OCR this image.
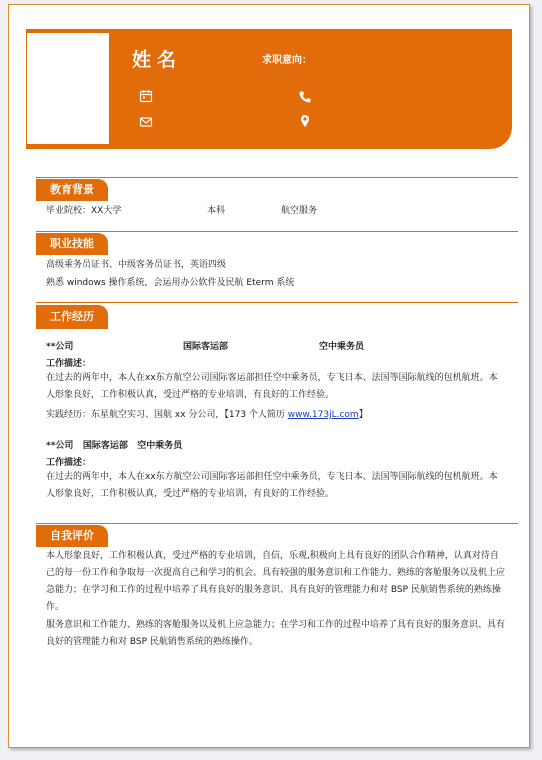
姓名	求职意向：
教育背景
毕业院校：XX大学	本科	航空服务
职业技能
高级乘务员证书、中级客务员证书，英语四级
熟悉 windows 操作系统，会运用办公软件及民航 Eterm 系统
工作经历
**公司	国际客运部	空中乘务员
工作描述：
在过去的两年中，本人在xx东方航空公司国际客运部担任空中乘务员，专飞日本、法国等国际航线的包机航班。本人形象良好，工作积极认真，受过严格的专业培训，有良好的工作经验。
实践经历：东星航空实习、国航 xx 分公司，【173 个人简历 www.173jL.com】
**公司   国际客运部   空中乘务员
工作描述：
在过去的两年中，本人在xx东方航空公司国际客运部担任空中乘务员，专飞日本、法国等国际航线的包机航班。本人形象良好，工作积极认真，受过严格的专业培训，有良好的工作经验。
自我评价
本人形象良好，工作积极认真，受过严格的专业培训，自信，乐观,积极向上具有良好的团队合作精神，认真对待自己的每一份工作和争取每一次提高自己和学习的机会。具有较强的服务意识和工作能力、熟练的客舱服务以及机上应急能力；在学习和工作的过程中培养了具有良好的服务意识、具有良好的管理能力和对 BSP 民航销售系统的熟练操作。
服务意识和工作能力、熟练的客舱服务以及机上应急能力；在学习和工作的过程中培养了具有良好的服务意识、具有良好的管理能力和对 BSP 民航销售系统的熟练操作。
